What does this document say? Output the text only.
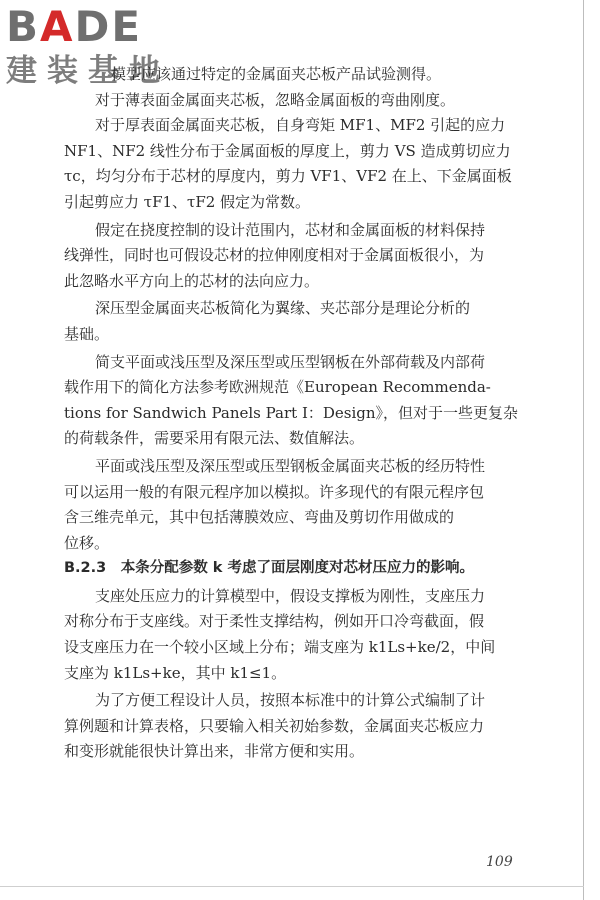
BADE
建装基地
模型应该通过特定的金属面夹芯板产品试验测得。
对于薄表面金属面夹芯板，忽略金属面板的弯曲刚度。
对于厚表面金属面夹芯板，自身弯矩 MF1、MF2 引起的应力
NF1、NF2 线性分布于金属面板的厚度上，剪力 VS 造成剪切应力
τc，均匀分布于芯材的厚度内，剪力 VF1、VF2 在上、下金属面板
引起剪应力 τF1、τF2 假定为常数。
假定在挠度控制的设计范围内，芯材和金属面板的材料保持
线弹性，同时也可假设芯材的拉伸刚度相对于金属面板很小，为
此忽略水平方向上的芯材的法向应力。
深压型金属面夹芯板简化为翼缘、夹芯部分是理论分析的
基础。
简支平面或浅压型及深压型或压型钢板在外部荷载及内部荷
载作用下的简化方法参考欧洲规范《European Recommenda-
tions for Sandwich Panels Part Ⅰ：Design》，但对于一些更复杂
的荷载条件，需要采用有限元法、数值解法。
平面或浅压型及深压型或压型钢板金属面夹芯板的经历特性
可以运用一般的有限元程序加以模拟。许多现代的有限元程序包
含三维壳单元，其中包括薄膜效应、弯曲及剪切作用做成的
位移。
B.2.3　本条分配参数 k 考虑了面层刚度对芯材压应力的影响。
支座处压应力的计算模型中，假设支撑板为刚性，支座压力
对称分布于支座线。对于柔性支撑结构，例如开口冷弯截面，假
设支座压力在一个较小区域上分布；端支座为 k1Ls+ke/2，中间
支座为 k1Ls+ke，其中 k1≤1。
为了方便工程设计人员，按照本标准中的计算公式编制了计
算例题和计算表格，只要输入相关初始参数，金属面夹芯板应力
和变形就能很快计算出来，非常方便和实用。
109
